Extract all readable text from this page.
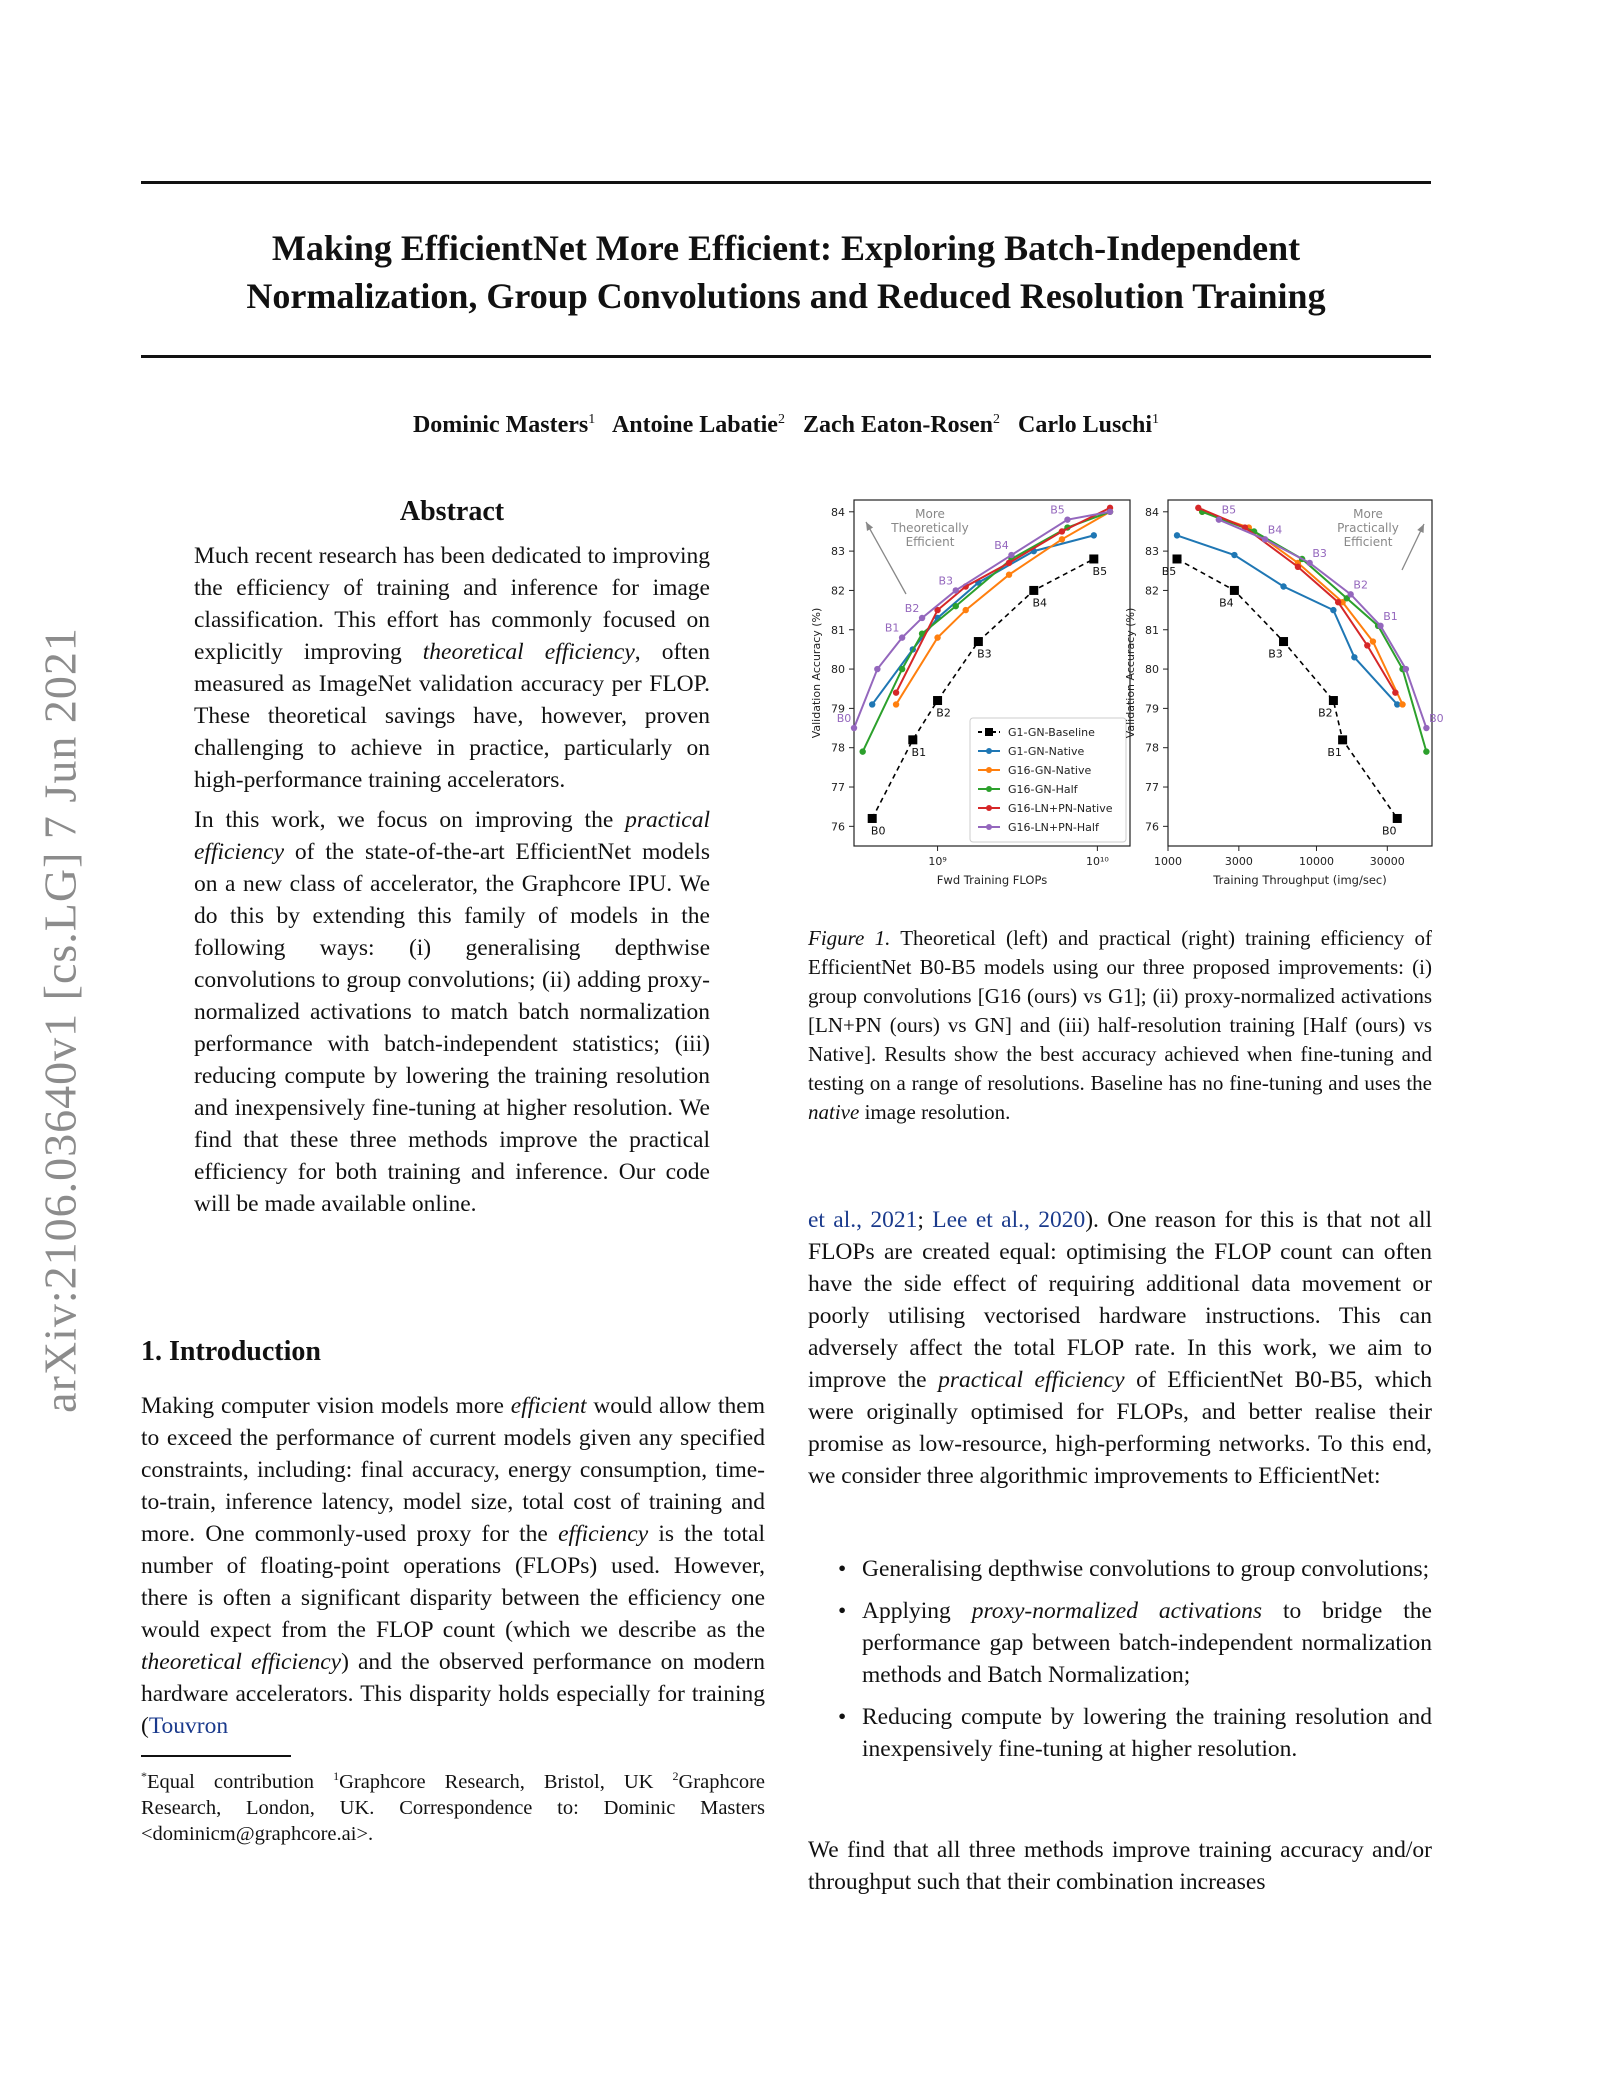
Making EfficientNet More Efficient: Exploring Batch-Independent
Normalization, Group Convolutions and Reduced Resolution Training
Dominic Masters$^1$ Antoine Labatie$^2$ Zach Eaton-Rosen$^2$ Carlo Luschi$^1$
arXiv:2106.03640v1 [cs.LG] 7 Jun 2021
Abstract

Much recent research has been dedicated to improving the efficiency of training and inference for image classification. This effort has commonly focused on explicitly improving theoretical efficiency, often measured as ImageNet validation accuracy per FLOP. These theoretical savings have, however, proven challenging to achieve in practice, particularly on high-performance training accelerators.

In this work, we focus on improving the practical efficiency of the state-of-the-art EfficientNet models on a new class of accelerator, the Graphcore IPU. We do this by extending this family of models in the following ways: (i) generalising depthwise convolutions to group convolutions; (ii) adding proxy-normalized activations to match batch normalization performance with batch-independent statistics; (iii) reducing compute by lowering the training resolution and inexpensively fine-tuning at higher resolution. We find that these three methods improve the practical efficiency for both training and inference. Our code will be made available online.

1. Introduction

Making computer vision models more efficient would allow them to exceed the performance of current models given any specified constraints, including: final accuracy, energy consumption, time-to-train, inference latency, model size, total cost of training and more. One commonly-used proxy for the efficiency is the total number of floating-point operations (FLOPs) used. However, there is often a significant disparity between the efficiency one would expect from the FLOP count (which we describe as the theoretical efficiency) and the observed performance on modern hardware accelerators. This disparity holds especially for training (Touvron

*Equal contribution $^1$Graphcore Research, Bristol, UK $^2$Graphcore Research, London, UK. Correspondence to: Dominic Masters <dominicm@graphcore.ai>.
76
77
78
79
80
81
82
83
84
10⁹	10¹⁰
Fwd Training FLOPs
Validation Accuracy (%)
More
Theoretically
Efficient
B0
B1
B2
B3
B4
B5
B0
B1
B2
B3
B4
B5
G1-GN-Baseline
G1-GN-Native
G16-GN-Native
G16-GN-Half
G16-LN+PN-Native
G16-LN+PN-Half	76
77
78
79
80
81
82
83
84
1000	3000	10000	30000
Training Throughput (img/sec)
Validation Accuracy (%)
More
Practically
Efficient
B5
B4
B3
B2
B1
B0
B5
B4
B3
B2
B1
B0
Figure 1. Theoretical (left) and practical (right) training efficiency of EfficientNet B0-B5 models using our three proposed improvements: (i) group convolutions [G16 (ours) vs G1]; (ii) proxy-normalized activations [LN+PN (ours) vs GN] and (iii) half-resolution training [Half (ours) vs Native]. Results show the best accuracy achieved when fine-tuning and testing on a range of resolutions. Baseline has no fine-tuning and uses the native image resolution.

et al., 2021; Lee et al., 2020). One reason for this is that not all FLOPs are created equal: optimising the FLOP count can often have the side effect of requiring additional data movement or poorly utilising vectorised hardware instructions. This can adversely affect the total FLOP rate. In this work, we aim to improve the practical efficiency of EfficientNet B0-B5, which were originally optimised for FLOPs, and better realise their promise as low-resource, high-performing networks. To this end, we consider three algorithmic improvements to EfficientNet:

• Generalising depthwise convolutions to group convolutions;
• Applying proxy-normalized activations to bridge the performance gap between batch-independent normalization methods and Batch Normalization;
• Reducing compute by lowering the training resolution and inexpensively fine-tuning at higher resolution.

We find that all three methods improve training accuracy and/or throughput such that their combination increases
